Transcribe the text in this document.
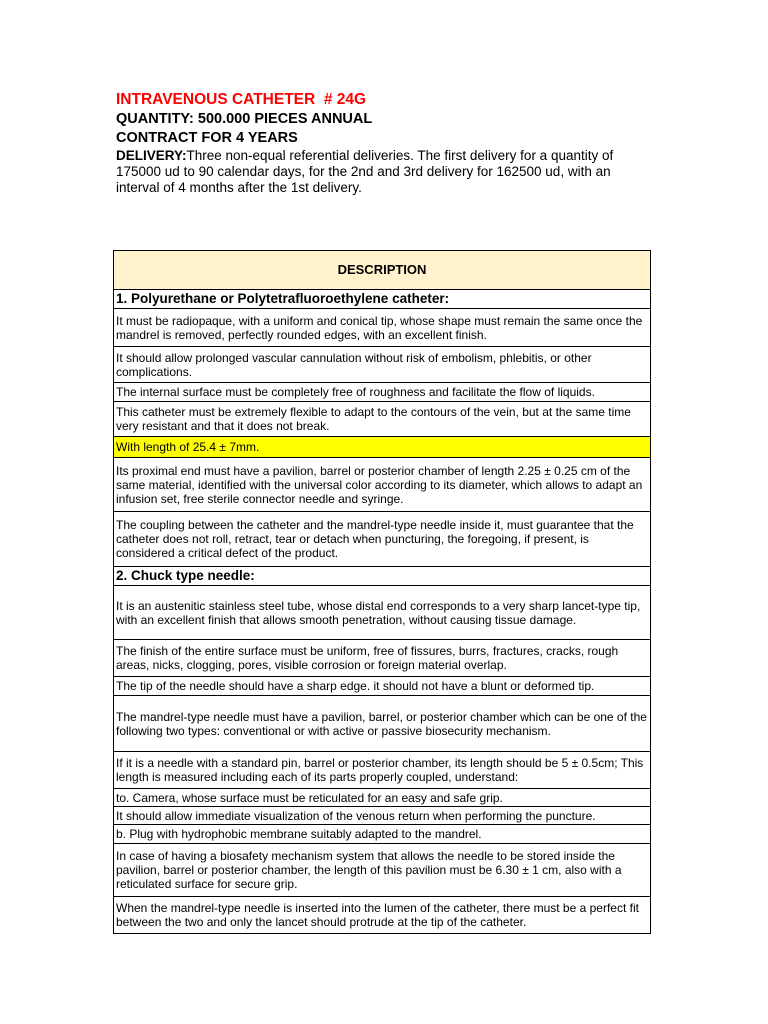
INTRAVENOUS CATHETER  # 24G
QUANTITY: 500.000 PIECES ANNUAL
CONTRACT FOR 4 YEARS
DELIVERY:Three non-equal referential deliveries. The first delivery for a quantity of 175000 ud to 90 calendar days, for the 2nd and 3rd delivery for 162500 ud, with an interval of 4 months after the 1st delivery.
DESCRIPTION
1. Polyurethane or Polytetrafluoroethylene catheter:
It must be radiopaque, with a uniform and conical tip, whose shape must remain the same once the mandrel is removed, perfectly rounded edges, with an excellent finish.
It should allow prolonged vascular cannulation without risk of embolism, phlebitis, or other complications.
The internal surface must be completely free of roughness and facilitate the flow of liquids.
This catheter must be extremely flexible to adapt to the contours of the vein, but at the same time very resistant and that it does not break.
With length of 25.4 ± 7mm.
Its proximal end must have a pavilion, barrel or posterior chamber of length 2.25 ± 0.25 cm of the same material, identified with the universal color according to its diameter, which allows to adapt an infusion set, free sterile connector needle and syringe.
The coupling between the catheter and the mandrel-type needle inside it, must guarantee that the catheter does not roll, retract, tear or detach when puncturing, the foregoing, if present, is considered a critical defect of the product.
2. Chuck type needle:
It is an austenitic stainless steel tube, whose distal end corresponds to a very sharp lancet-type tip, with an excellent finish that allows smooth penetration, without causing tissue damage.
The finish of the entire surface must be uniform, free of fissures, burrs, fractures, cracks, rough areas, nicks, clogging, pores, visible corrosion or foreign material overlap.
The tip of the needle should have a sharp edge. it should not have a blunt or deformed tip.
The mandrel-type needle must have a pavilion, barrel, or posterior chamber which can be one of the following two types: conventional or with active or passive biosecurity mechanism.
If it is a needle with a standard pin, barrel or posterior chamber, its length should be 5 ± 0.5cm; This length is measured including each of its parts properly coupled, understand:
to. Camera, whose surface must be reticulated for an easy and safe grip.
It should allow immediate visualization of the venous return when performing the puncture.
b. Plug with hydrophobic membrane suitably adapted to the mandrel.
In case of having a biosafety mechanism system that allows the needle to be stored inside the pavilion, barrel or posterior chamber, the length of this pavilion must be 6.30 ± 1 cm, also with a reticulated surface for secure grip.
When the mandrel-type needle is inserted into the lumen of the catheter, there must be a perfect fit between the two and only the lancet should protrude at the tip of the catheter.
